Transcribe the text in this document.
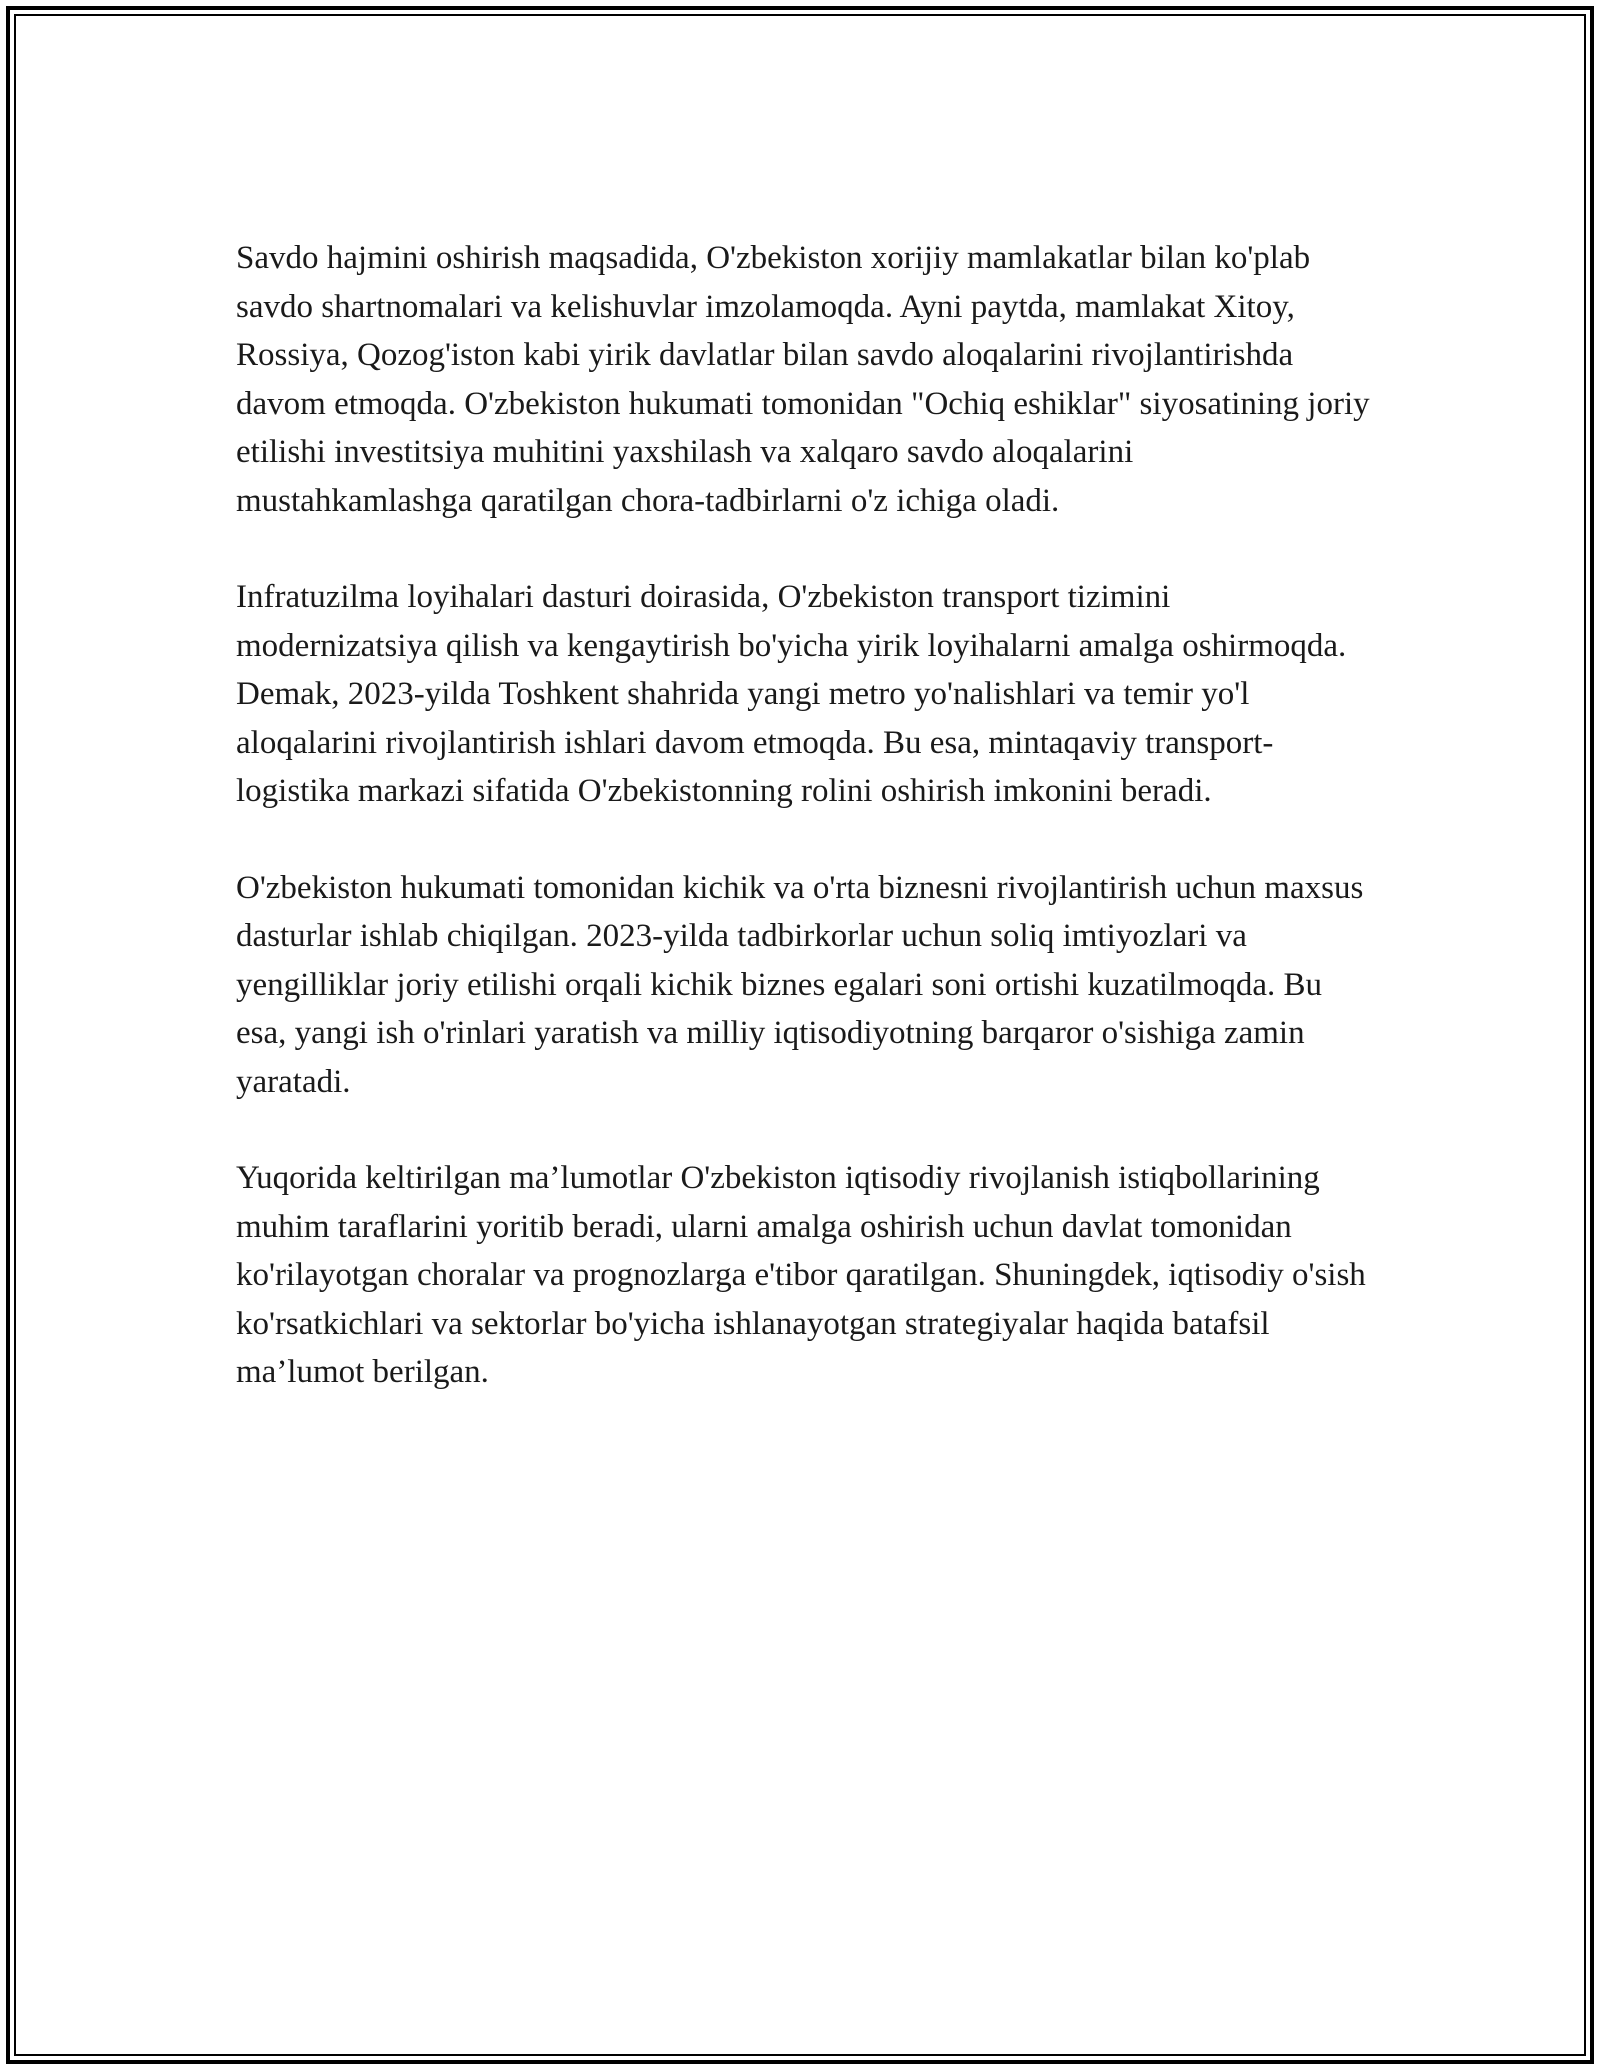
Savdo hajmini oshirish maqsadida, O'zbekiston xorijiy mamlakatlar bilan ko'plab savdo shartnomalari va kelishuvlar imzolamoqda. Ayni paytda, mamlakat Xitoy, Rossiya, Qozog'iston kabi yirik davlatlar bilan savdo aloqalarini rivojlantirishda davom etmoqda. O'zbekiston hukumati tomonidan "Ochiq eshiklar" siyosatining joriy etilishi investitsiya muhitini yaxshilash va xalqaro savdo aloqalarini mustahkamlashga qaratilgan chora-tadbirlarni o'z ichiga oladi.

Infratuzilma loyihalari dasturi doirasida, O'zbekiston transport tizimini modernizatsiya qilish va kengaytirish bo'yicha yirik loyihalarni amalga oshirmoqda. Demak, 2023-yilda Toshkent shahrida yangi metro yo'nalishlari va temir yo'l aloqalarini rivojlantirish ishlari davom etmoqda. Bu esa, mintaqaviy transport-logistika markazi sifatida O'zbekistonning rolini oshirish imkonini beradi.

O'zbekiston hukumati tomonidan kichik va o'rta biznesni rivojlantirish uchun maxsus dasturlar ishlab chiqilgan. 2023-yilda tadbirkorlar uchun soliq imtiyozlari va yengilliklar joriy etilishi orqali kichik biznes egalari soni ortishi kuzatilmoqda. Bu esa, yangi ish o'rinlari yaratish va milliy iqtisodiyotning barqaror o'sishiga zamin yaratadi.

Yuqorida keltirilgan ma’lumotlar O'zbekiston iqtisodiy rivojlanish istiqbollarining muhim taraflarini yoritib beradi, ularni amalga oshirish uchun davlat tomonidan ko'rilayotgan choralar va prognozlarga e'tibor qaratilgan. Shuningdek, iqtisodiy o'sish ko'rsatkichlari va sektorlar bo'yicha ishlanayotgan strategiyalar haqida batafsil ma’lumot berilgan.
